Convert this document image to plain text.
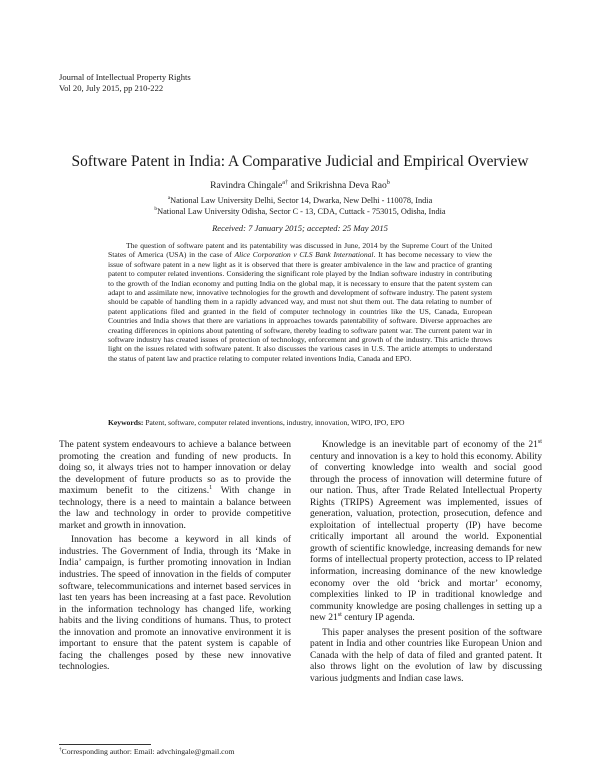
Journal of Intellectual Property Rights
Vol 20, July 2015, pp 210-222
Software Patent in India: A Comparative Judicial and Empirical Overview
Ravindra Chingale$^{a\dagger}$ and Srikrishna Deva Rao$^b$
$^a$National Law University Delhi, Sector 14, Dwarka, New Delhi - 110078, India
$^b$National Law University Odisha, Sector C - 13, CDA, Cuttack - 753015, Odisha, India
Received: 7 January 2015; accepted: 25 May 2015

The question of software patent and its patentability was discussed in June, 2014 by the Supreme Court of the United States of America (USA) in the case of Alice Corporation v CLS Bank International. It has become necessary to view the issue of software patent in a new light as it is observed that there is greater ambivalence in the law and practice of granting patent to computer related inventions. Considering the significant role played by the Indian software industry in contributing to the growth of the Indian economy and putting India on the global map, it is necessary to ensure that the patent system can adapt to and assimilate new, innovative technologies for the growth and development of software industry. The patent system should be capable of handling them in a rapidly advanced way, and must not shut them out. The data relating to number of patent applications filed and granted in the field of computer technology in countries like the US, Canada, European Countries and India shows that there are variations in approaches towards patentability of software. Diverse approaches are creating differences in opinions about patenting of software, thereby leading to software patent war. The current patent war in software industry has created issues of protection of technology, enforcement and growth of the industry. This article throws light on the issues related with software patent. It also discusses the various cases in U.S. The article attempts to understand the status of patent law and practice relating to computer related inventions India, Canada and EPO.

Keywords: Patent, software, computer related inventions, industry, innovation, WIPO, IPO, EPO

The patent system endeavours to achieve a balance between promoting the creation and funding of new products. In doing so, it always tries not to hamper innovation or delay the development of future products so as to provide the maximum benefit to the citizens.$^1$ With change in technology, there is a need to maintain a balance between the law and technology in order to provide competitive market and growth in innovation.

Innovation has become a keyword in all kinds of industries. The Government of India, through its ‘Make in India’ campaign, is further promoting innovation in Indian industries. The speed of innovation in the fields of computer software, telecommunications and internet based services in last ten years has been increasing at a fast pace. Revolution in the information technology has changed life, working habits and the living conditions of humans. Thus, to protect the innovation and promote an innovative environment it is important to ensure that the patent system is capable of facing the challenges posed by these new innovative technologies.

Knowledge is an inevitable part of economy of the 21st century and innovation is a key to hold this economy. Ability of converting knowledge into wealth and social good through the process of innovation will determine future of our nation. Thus, after Trade Related Intellectual Property Rights (TRIPS) Agreement was implemented, issues of generation, valuation, protection, prosecution, defence and exploitation of intellectual property (IP) have become critically important all around the world. Exponential growth of scientific knowledge, increasing demands for new forms of intellectual property protection, access to IP related information, increasing dominance of the new knowledge economy over the old ‘brick and mortar’ economy, complexities linked to IP in traditional knowledge and community knowledge are posing challenges in setting up a new 21st century IP agenda.

This paper analyses the present position of the software patent in India and other countries like European Union and Canada with the help of data of filed and granted patent. It also throws light on the evolution of law by discussing various judgments and Indian case laws.

†Corresponding author: Email: advchingale@gmail.com
